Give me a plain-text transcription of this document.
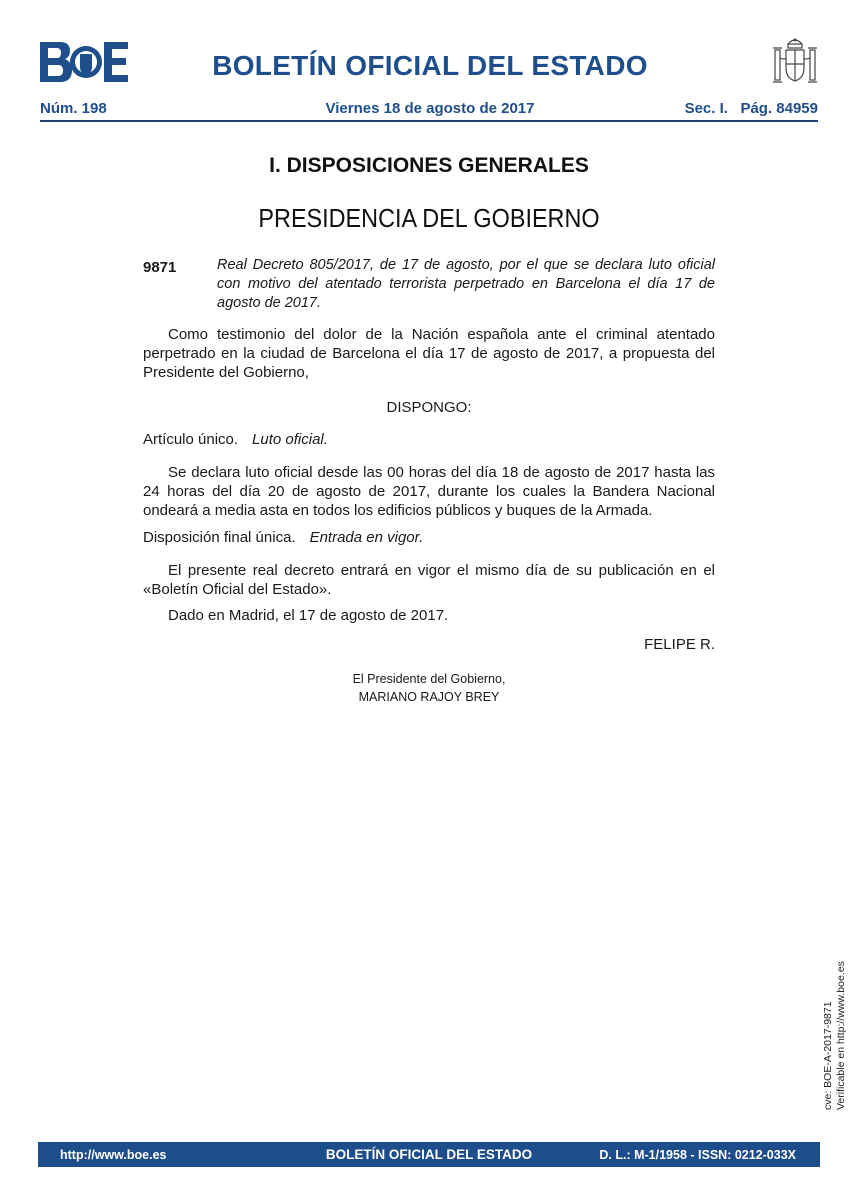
BOLETÍN OFICIAL DEL ESTADO
Núm. 198	Viernes 18 de agosto de 2017	Sec. I.   Pág. 84959
I. DISPOSICIONES GENERALES
PRESIDENCIA DEL GOBIERNO
9871	Real Decreto 805/2017, de 17 de agosto, por el que se declara luto oficial con motivo del atentado terrorista perpetrado en Barcelona el día 17 de agosto de 2017.
Como testimonio del dolor de la Nación española ante el criminal atentado perpetrado en la ciudad de Barcelona el día 17 de agosto de 2017, a propuesta del Presidente del Gobierno,
DISPONGO:
Artículo único. Luto oficial.
Se declara luto oficial desde las 00 horas del día 18 de agosto de 2017 hasta las 24 horas del día 20 de agosto de 2017, durante los cuales la Bandera Nacional ondeará a media asta en todos los edificios públicos y buques de la Armada.
Disposición final única. Entrada en vigor.
El presente real decreto entrará en vigor el mismo día de su publicación en el «Boletín Oficial del Estado».
Dado en Madrid, el 17 de agosto de 2017.
FELIPE R.
El Presidente del Gobierno,
MARIANO RAJOY BREY
cve: BOE-A-2017-9871 Verificable en http://www.boe.es
BOLETÍN OFICIAL DEL ESTADO
http://www.boe.es	D. L.: M-1/1958 - ISSN: 0212-033X
